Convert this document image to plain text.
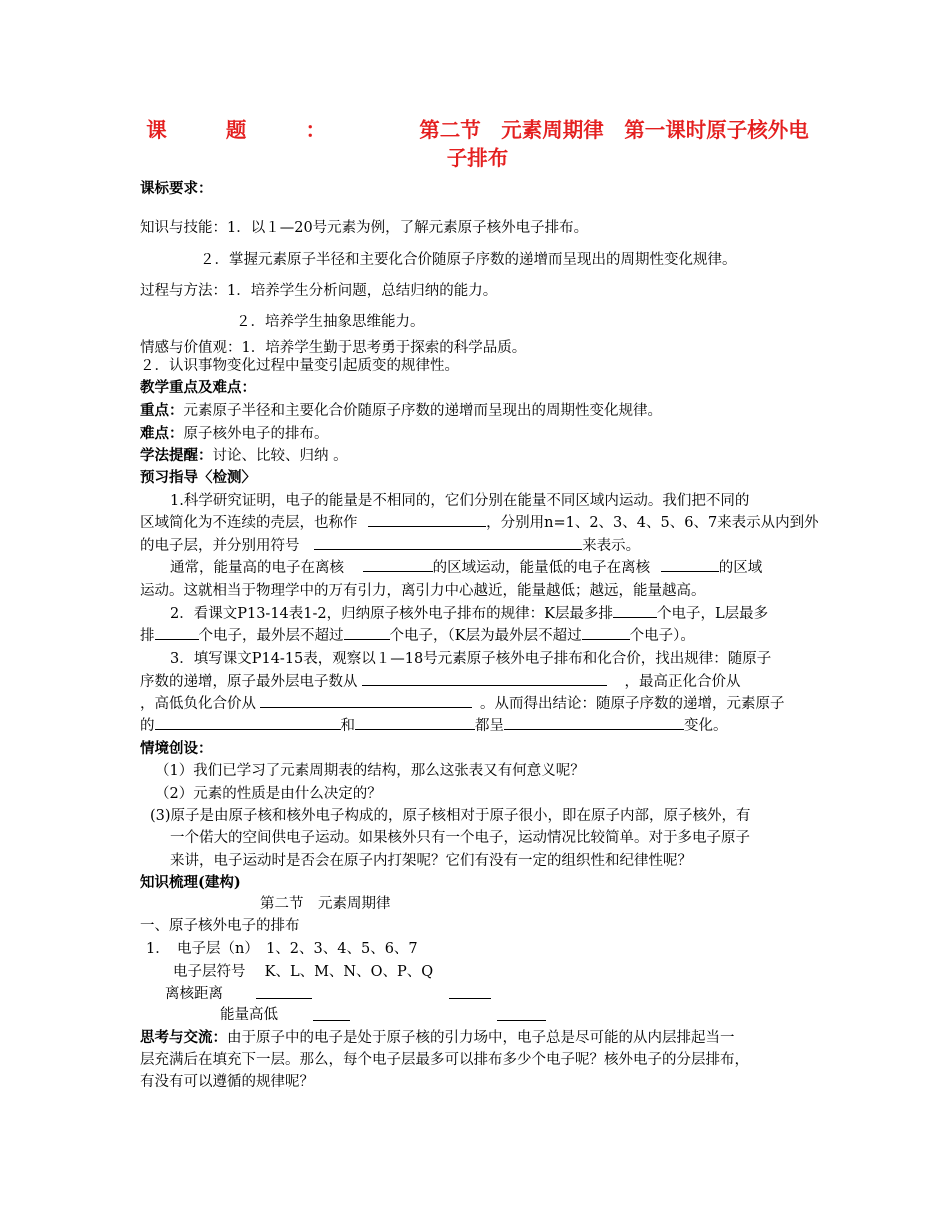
课 题 ：	第二节　元素周期律　第一课时原子核外电子排布
课标要求：
知识与技能：1．以１—20号元素为例，了解元素原子核外电子排布。
２．掌握元素原子半径和主要化合价随原子序数的递增而呈现出的周期性变化规律。
过程与方法：1．培养学生分析问题，总结归纳的能力。
２．培养学生抽象思维能力。
情感与价值观：1．培养学生勤于思考勇于探索的科学品质。
２．认识事物变化过程中量变引起质变的规律性。
教学重点及难点：
重点：元素原子半径和主要化合价随原子序数的递增而呈现出的周期性变化规律。
难点：原子核外电子的排布。
学法提醒：讨论、比较、归纳 。
预习指导〈检测〉
1.科学研究证明，电子的能量是不相同的，它们分别在能量不同区域内运动。我们把不同的
区域简化为不连续的壳层，也称作	，分别用n=1、2、3、4、5、6、7来表示从内到外
的电子层，并分别用符号	来表示。
通常，能量高的电子在离核	的区域运动，能量低的电子在离核	的区域
运动。这就相当于物理学中的万有引力，离引力中心越近，能量越低；越远，能量越高。
2．看课文P13-14表1-2，归纳原子核外电子排布的规律：K层最多排	个电子，L层最多
排	个电子，最外层不超过	个电子，（K层为最外层不超过	个电子）。
3．填写课文P14-15表，观察以１—18号元素原子核外电子排布和化合价，找出规律：随原子
序数的递增，原子最外层电子数从	，最高正化合价从
，高低负化合价从	。从而得出结论：随原子序数的递增，元素原子
的	和	都呈	变化。
情境创设：
（1）我们已学习了元素周期表的结构，那么这张表又有何意义呢？
（2）元素的性质是由什么决定的？
(3)原子是由原子核和核外电子构成的，原子核相对于原子很小，即在原子内部，原子核外，有
一个偌大的空间供电子运动。如果核外只有一个电子，运动情况比较简单。对于多电子原子
来讲，电子运动时是否会在原子内打架呢？它们有没有一定的组织性和纪律性呢？
知识梳理(建构)
第二节　元素周期律
一、原子核外电子的排布
1．　电子层（n）　1、2、3、4、5、6、7
电子层符号　 K、L、M、N、O、P、Q
离核距离
能量高低
思考与交流：由于原子中的电子是处于原子核的引力场中，电子总是尽可能的从内层排起当一
层充满后在填充下一层。那么，每个电子层最多可以排布多少个电子呢？核外电子的分层排布，
有没有可以遵循的规律呢？
